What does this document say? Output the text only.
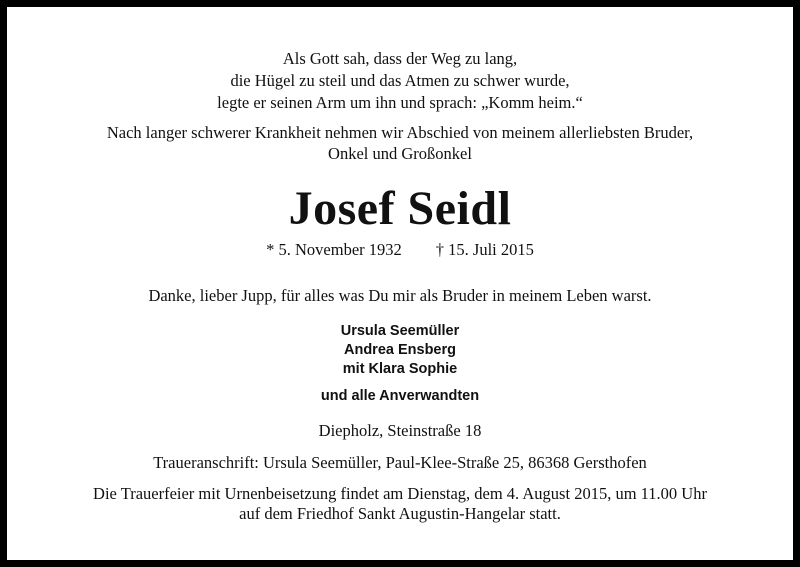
Als Gott sah, dass der Weg zu lang,
die Hügel zu steil und das Atmen zu schwer wurde,
legte er seinen Arm um ihn und sprach: „Komm heim.“
Nach langer schwerer Krankheit nehmen wir Abschied von meinem allerliebsten Bruder,
Onkel und Großonkel
Josef Seidl
* 5. November 1932 † 15. Juli 2015
Danke, lieber Jupp, für alles was Du mir als Bruder in meinem Leben warst.
Ursula Seemüller
Andrea Ensberg
mit Klara Sophie
und alle Anverwandten
Diepholz, Steinstraße 18
Traueranschrift: Ursula Seemüller, Paul-Klee-Straße 25, 86368 Gersthofen
Die Trauerfeier mit Urnenbeisetzung findet am Dienstag, dem 4. August 2015, um 11.00 Uhr
auf dem Friedhof Sankt Augustin-Hangelar statt.
